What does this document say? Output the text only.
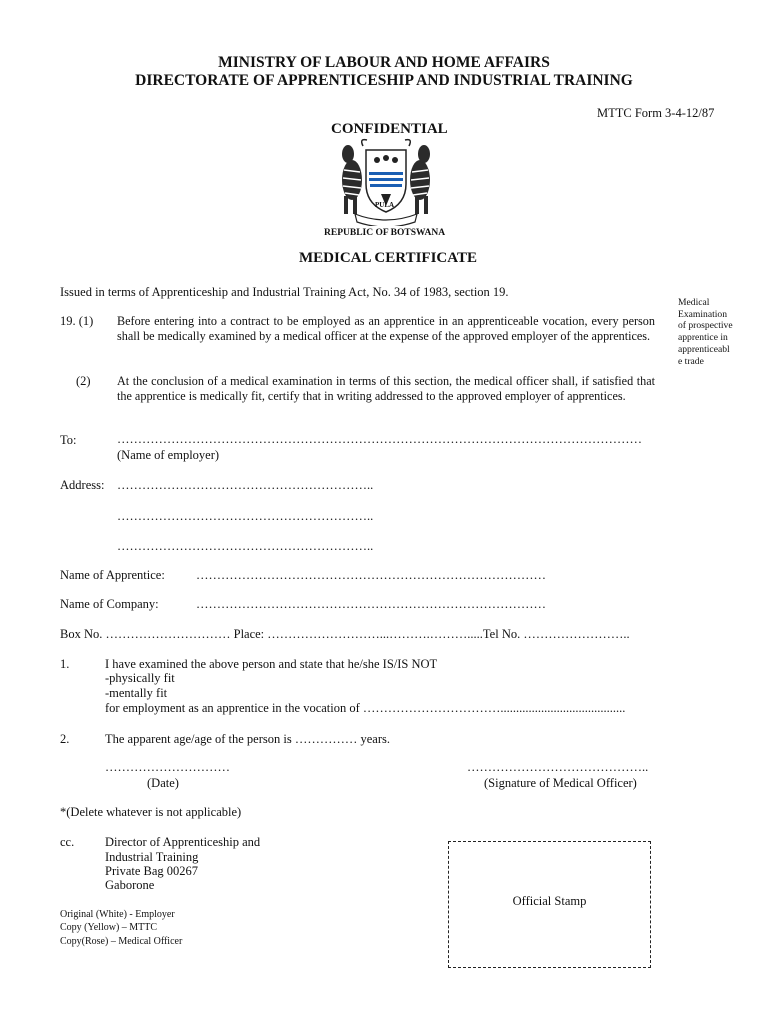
MINISTRY OF LABOUR AND HOME AFFAIRS
DIRECTORATE OF APPRENTICESHIP AND INDUSTRIAL TRAINING
MTTC Form 3-4-12/87
CONFIDENTIAL
PULA
REPUBLIC OF BOTSWANA
MEDICAL CERTIFICATE
Issued in terms of Apprenticeship and Industrial Training Act, No. 34 of 1983, section 19.
Medical Examination of prospective apprentice in apprenticeabl e trade
19. (1) Before entering into a contract to be employed as an apprentice in an apprenticeable vocation, every person shall be medically examined by a medical officer at the expense of the approved employer of the apprentices.
(2) At the conclusion of a medical examination in terms of this section, the medical officer shall, if satisfied that the apprentice is medically fit, certify that in writing addressed to the approved employer of apprentices.
To:	………………………………………………………………………………………………………………
(Name of employer)
Address: ……………………………………………………..
……………………………………………………..
……………………………………………………..
Name of Apprentice: …………………………………………………………………………
Name of Company:	…………………………………………………………………………
Box No. ………………………… Place: ………………………...……….……….....Tel No. ……………………..
1.	I have examined the above person and state that he/she IS/IS NOT
-physically fit
-mentally fit
for employment as an apprentice in the vocation of ……………………………........................................
2.	The apparent age/age of the person is …………… years.
…………………………
(Date)
……………………………………..
(Signature of Medical Officer)
*(Delete whatever is not applicable)
cc. Director of Apprenticeship and
Industrial Training
Private Bag 00267
Gaborone
Original (White) - Employer
Copy (Yellow) – MTTC
Copy(Rose) – Medical Officer
Official Stamp
